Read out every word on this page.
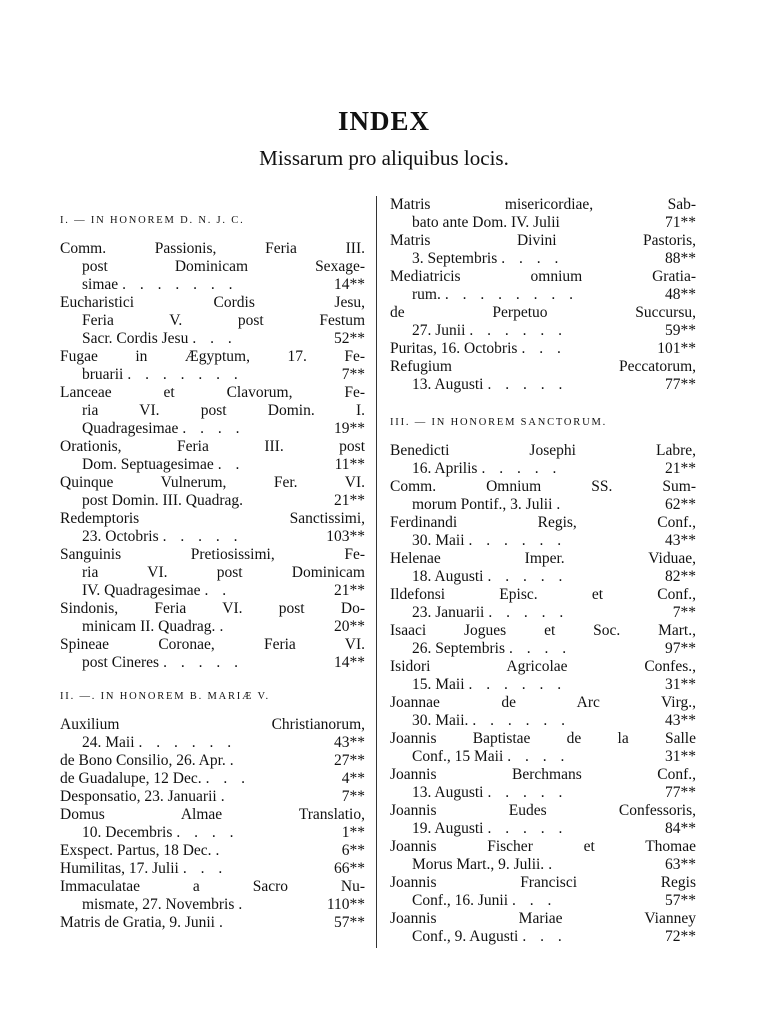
INDEX
Missarum pro aliquibus locis.
I. — IN HONOREM D. N. J. C.
Comm. Passionis, Feria III.
post Dominicam Sexage-
simae . . . . . . .	14**
Eucharistici Cordis Jesu,
Feria V. post Festum
Sacr. Cordis Jesu . . .	52**
Fugae in Ægyptum, 17. Fe-
bruarii . . . . . . .	7**
Lanceae et Clavorum, Fe-
ria VI. post Domin. I.
Quadragesimae . . . .	19**
Orationis, Feria III. post
Dom. Septuagesimae . .	11**
Quinque Vulnerum, Fer. VI.
post Domin. III. Quadrag.	21**
Redemptoris Sanctissimi,
23. Octobris . . . . .	103**
Sanguinis Pretiosissimi, Fe-
ria VI. post Dominicam
IV. Quadragesimae . .	21**
Sindonis, Feria VI. post Do-
minicam II. Quadrag. .	20**
Spineae Coronae, Feria VI.
post Cineres . . . . .	14**
II. —. IN HONOREM B. MARIÆ V.
Auxilium Christianorum,
24. Maii . . . . . .	43**
de Bono Consilio, 26. Apr. .	27**
de Guadalupe, 12 Dec. . . .	4**
Desponsatio, 23. Januarii .	7**
Domus Almae Translatio,
10. Decembris . . . .	1**
Exspect. Partus, 18 Dec. .	6**
Humilitas, 17. Julii . . .	66**
Immaculatae a Sacro Nu-
mismate, 27. Novembris .	110**
Matris de Gratia, 9. Junii .	57**
Matris misericordiae, Sab-
bato ante Dom. IV. Julii	71**
Matris Divini Pastoris,
3. Septembris . . . .	88**
Mediatricis omnium Gratia-
rum. . . . . . . . .	48**
de Perpetuo Succursu,
27. Junii . . . . . .	59**
Puritas, 16. Octobris . . .	101**
Refugium Peccatorum,
13. Augusti . . . . .	77**
III. — IN HONOREM SANCTORUM.
Benedicti Josephi Labre,
16. Aprilis . . . . .	21**
Comm. Omnium SS. Sum-
morum Pontif., 3. Julii .	62**
Ferdinandi Regis, Conf.,
30. Maii . . . . . .	43**
Helenae Imper. Viduae,
18. Augusti . . . . .	82**
Ildefonsi Episc. et Conf.,
23. Januarii . . . . .	7**
Isaaci Jogues et Soc. Mart.,
26. Septembris . . . .	97**
Isidori Agricolae Confes.,
15. Maii . . . . . .	31**
Joannae de Arc Virg.,
30. Maii. . . . . . .	43**
Joannis Baptistae de la Salle
Conf., 15 Maii . . . .	31**
Joannis Berchmans Conf.,
13. Augusti . . . . .	77**
Joannis Eudes Confessoris,
19. Augusti . . . . .	84**
Joannis Fischer et Thomae
Morus Mart., 9. Julii. .	63**
Joannis Francisci Regis
Conf., 16. Junii . . .	57**
Joannis Mariae Vianney
Conf., 9. Augusti . . .	72**
